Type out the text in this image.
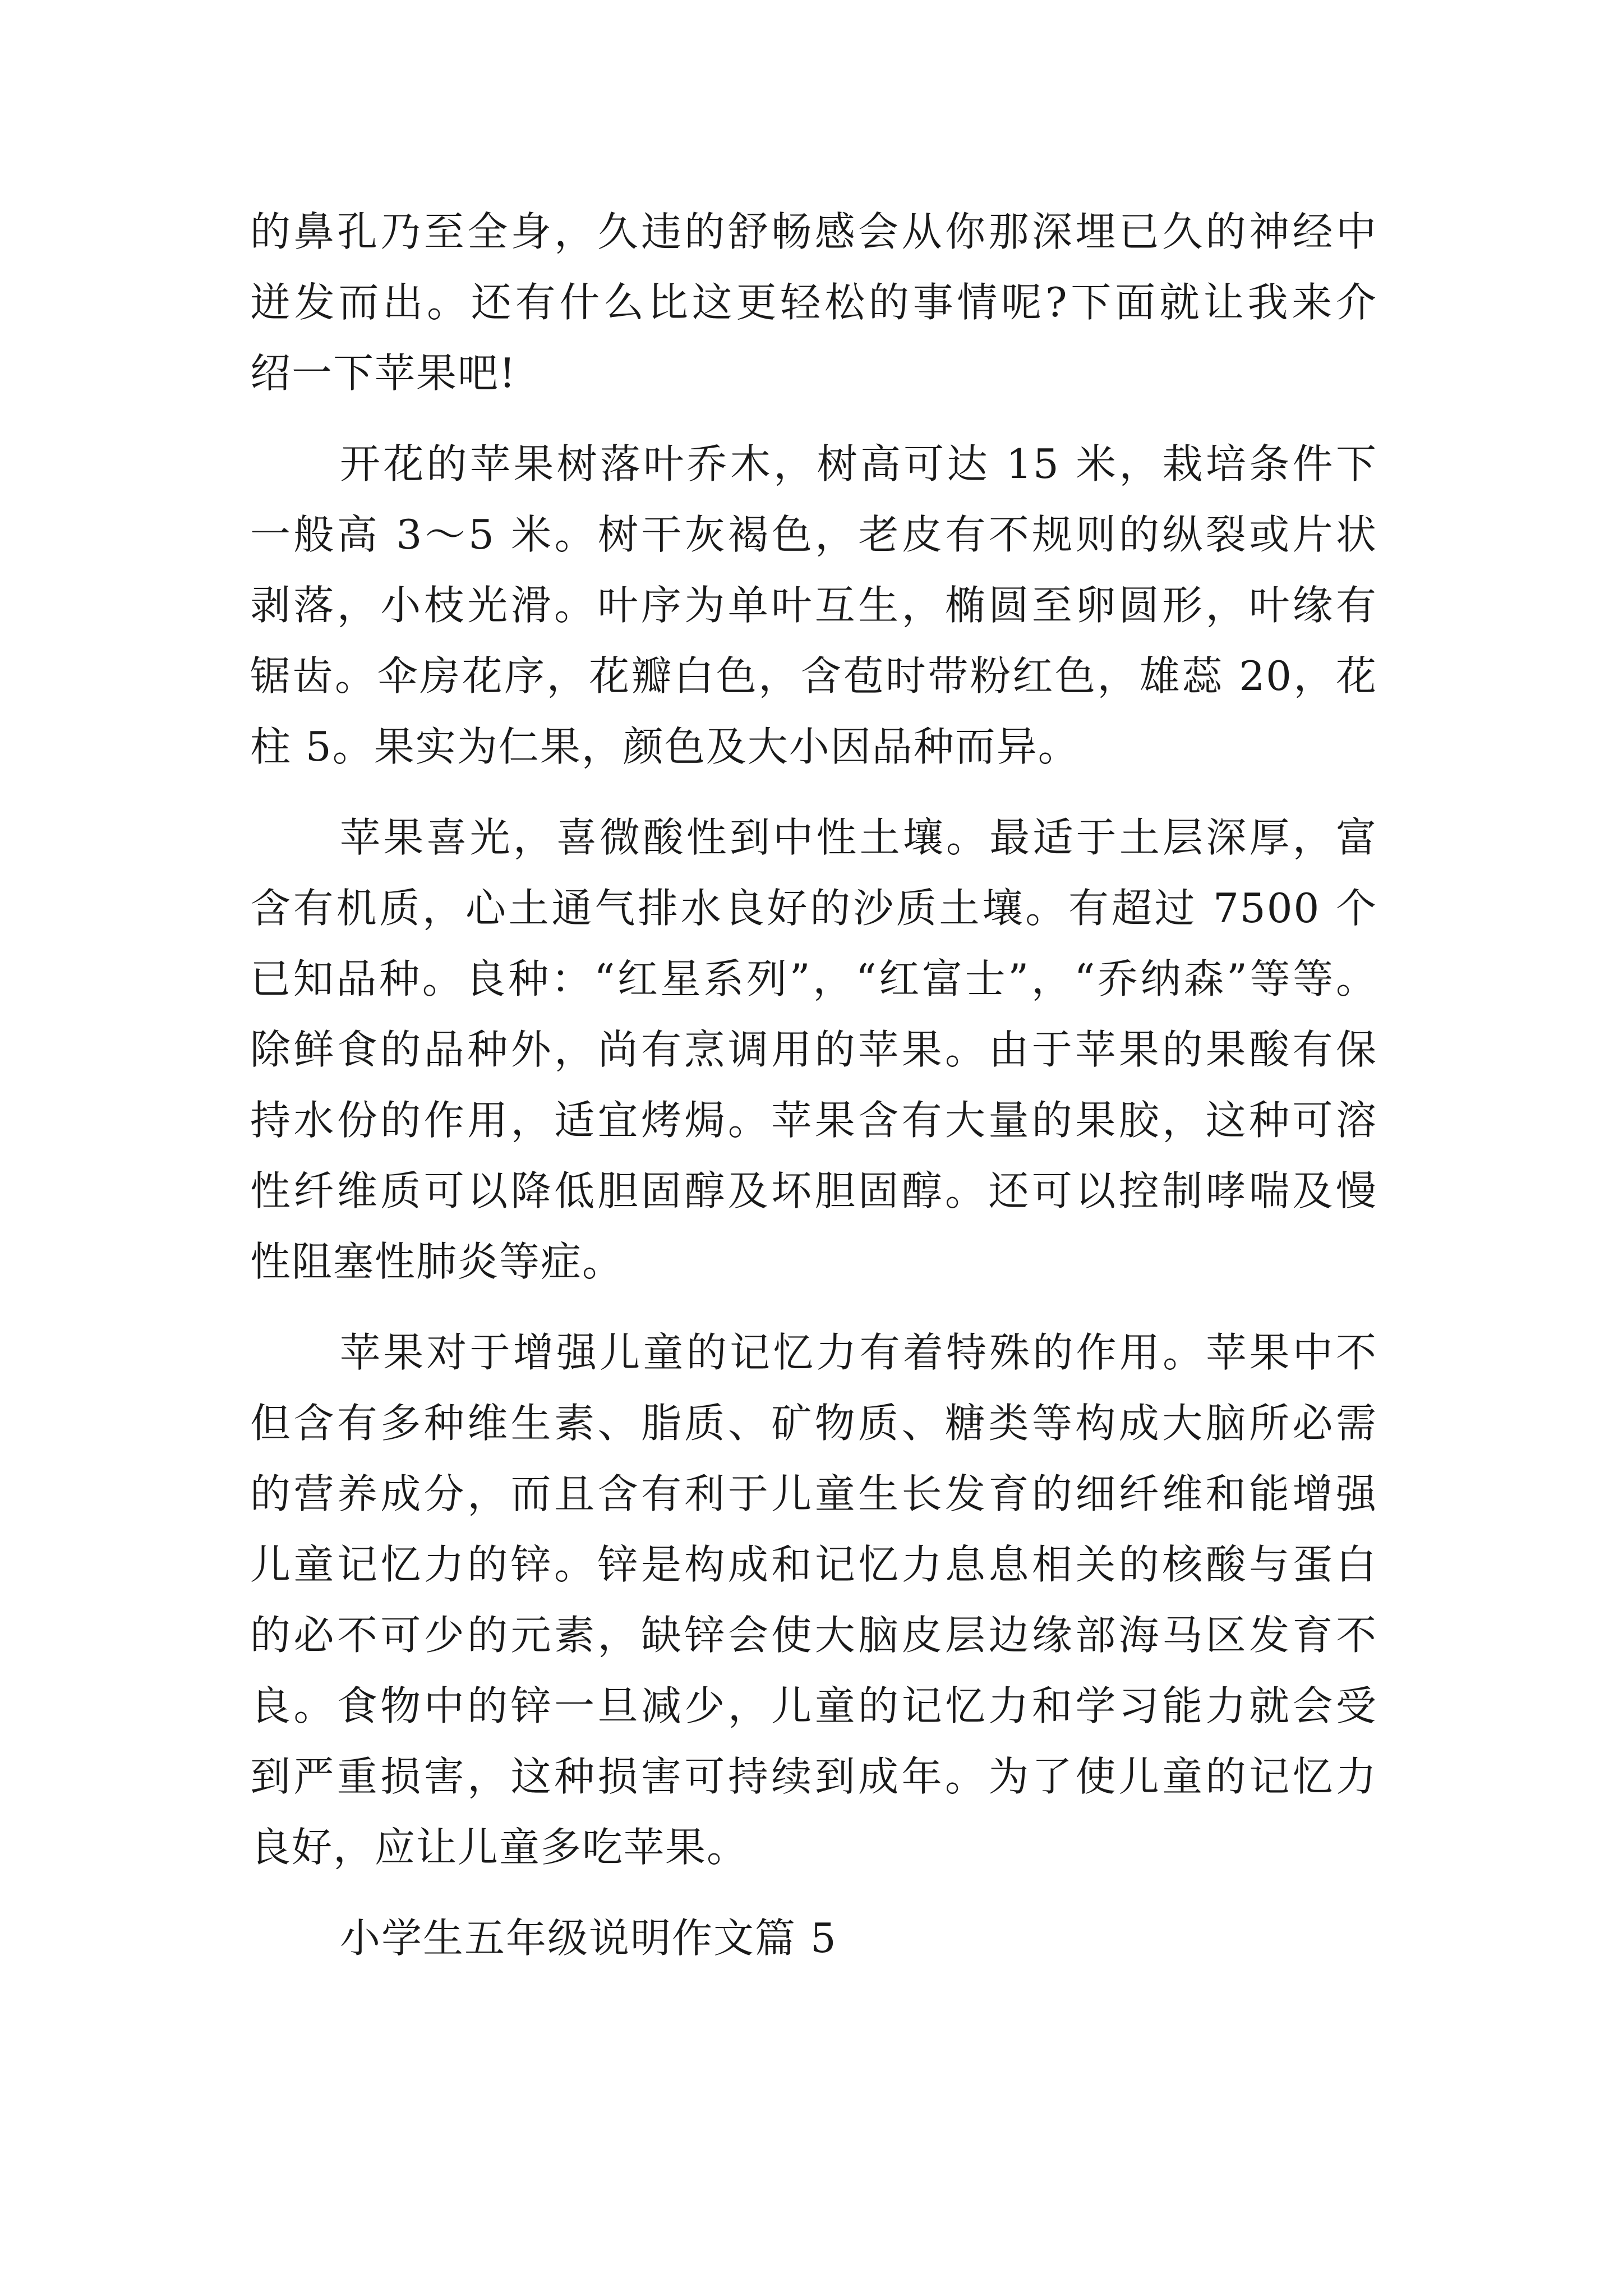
的鼻孔乃至全身，久违的舒畅感会从你那深埋已久的神经中
迸发而出。还有什么比这更轻松的事情呢?下面就让我来介
绍一下苹果吧!

开花的苹果树落叶乔木，树高可达 15 米，栽培条件下
一般高 3～5 米。树干灰褐色，老皮有不规则的纵裂或片状
剥落，小枝光滑。叶序为单叶互生，椭圆至卵圆形，叶缘有
锯齿。伞房花序，花瓣白色，含苞时带粉红色，雄蕊 20，花
柱 5。果实为仁果，颜色及大小因品种而异。

苹果喜光，喜微酸性到中性土壤。最适于土层深厚，富
含有机质，心土通气排水良好的沙质土壤。有超过 7500 个
已知品种。良种：“红星系列”，“红富士”，“乔纳森”等等。
除鲜食的品种外，尚有烹调用的苹果。由于苹果的果酸有保
持水份的作用，适宜烤焗。苹果含有大量的果胶，这种可溶
性纤维质可以降低胆固醇及坏胆固醇。还可以控制哮喘及慢
性阻塞性肺炎等症。

苹果对于增强儿童的记忆力有着特殊的作用。苹果中不
但含有多种维生素、脂质、矿物质、糖类等构成大脑所必需
的营养成分，而且含有利于儿童生长发育的细纤维和能增强
儿童记忆力的锌。锌是构成和记忆力息息相关的核酸与蛋白
的必不可少的元素，缺锌会使大脑皮层边缘部海马区发育不
良。食物中的锌一旦减少，儿童的记忆力和学习能力就会受
到严重损害，这种损害可持续到成年。为了使儿童的记忆力
良好，应让儿童多吃苹果。

小学生五年级说明作文篇 5
